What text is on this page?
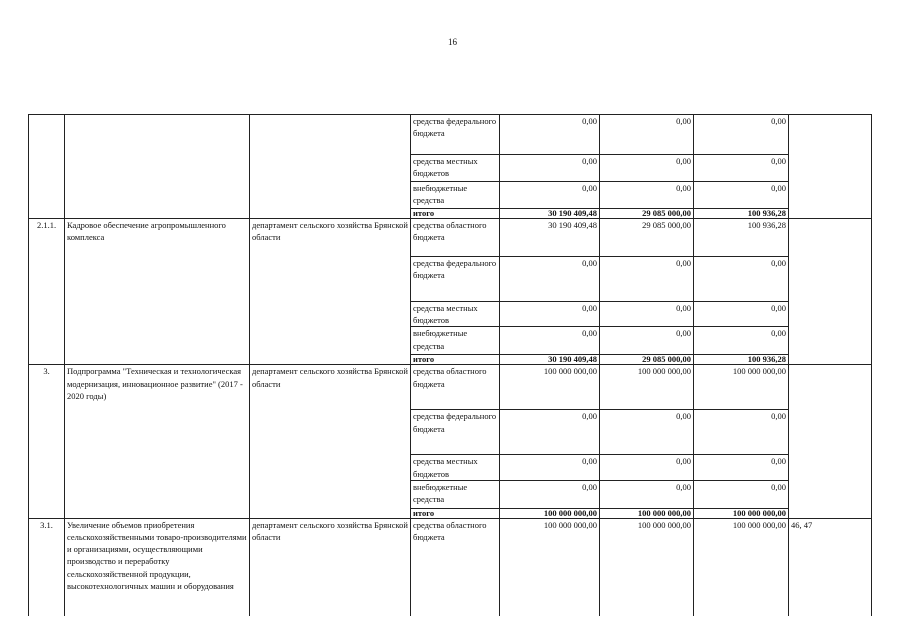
16
			средства федерального бюджета	0,00	0,00	0,00	
			средства местных бюджетов	0,00	0,00	0,00	
			внебюджетные средства	0,00	0,00	0,00	
			итого	30 190 409,48	29 085 000,00	100 936,28	
2.1.1.	Кадровое обеспечение агропромышленного комплекса	департамент сельского хозяйства Брянской области	средства областного бюджета	30 190 409,48	29 085 000,00	100 936,28	
			средства федерального бюджета	0,00	0,00	0,00	
			средства местных бюджетов	0,00	0,00	0,00	
			внебюджетные средства	0,00	0,00	0,00	
			итого	30 190 409,48	29 085 000,00	100 936,28	
3.	Подпрограмма "Техническая и технологическая модернизация, инновационное развитие" (2017 - 2020 годы)	департамент сельского хозяйства Брянской области	средства областного бюджета	100 000 000,00	100 000 000,00	100 000 000,00	
			средства федерального бюджета	0,00	0,00	0,00	
			средства местных бюджетов	0,00	0,00	0,00	
			внебюджетные средства	0,00	0,00	0,00	
			итого	100 000 000,00	100 000 000,00	100 000 000,00	
3.1.	Увеличение объемов приобретения сельскохозяйственными товаро-производителями и организациями, осуществляющими производство и переработку сельскохозяйственной продукции, высокотехнологичных машин и оборудования	департамент сельского хозяйства Брянской области	средства областного бюджета	100 000 000,00	100 000 000,00	100 000 000,00	46, 47
